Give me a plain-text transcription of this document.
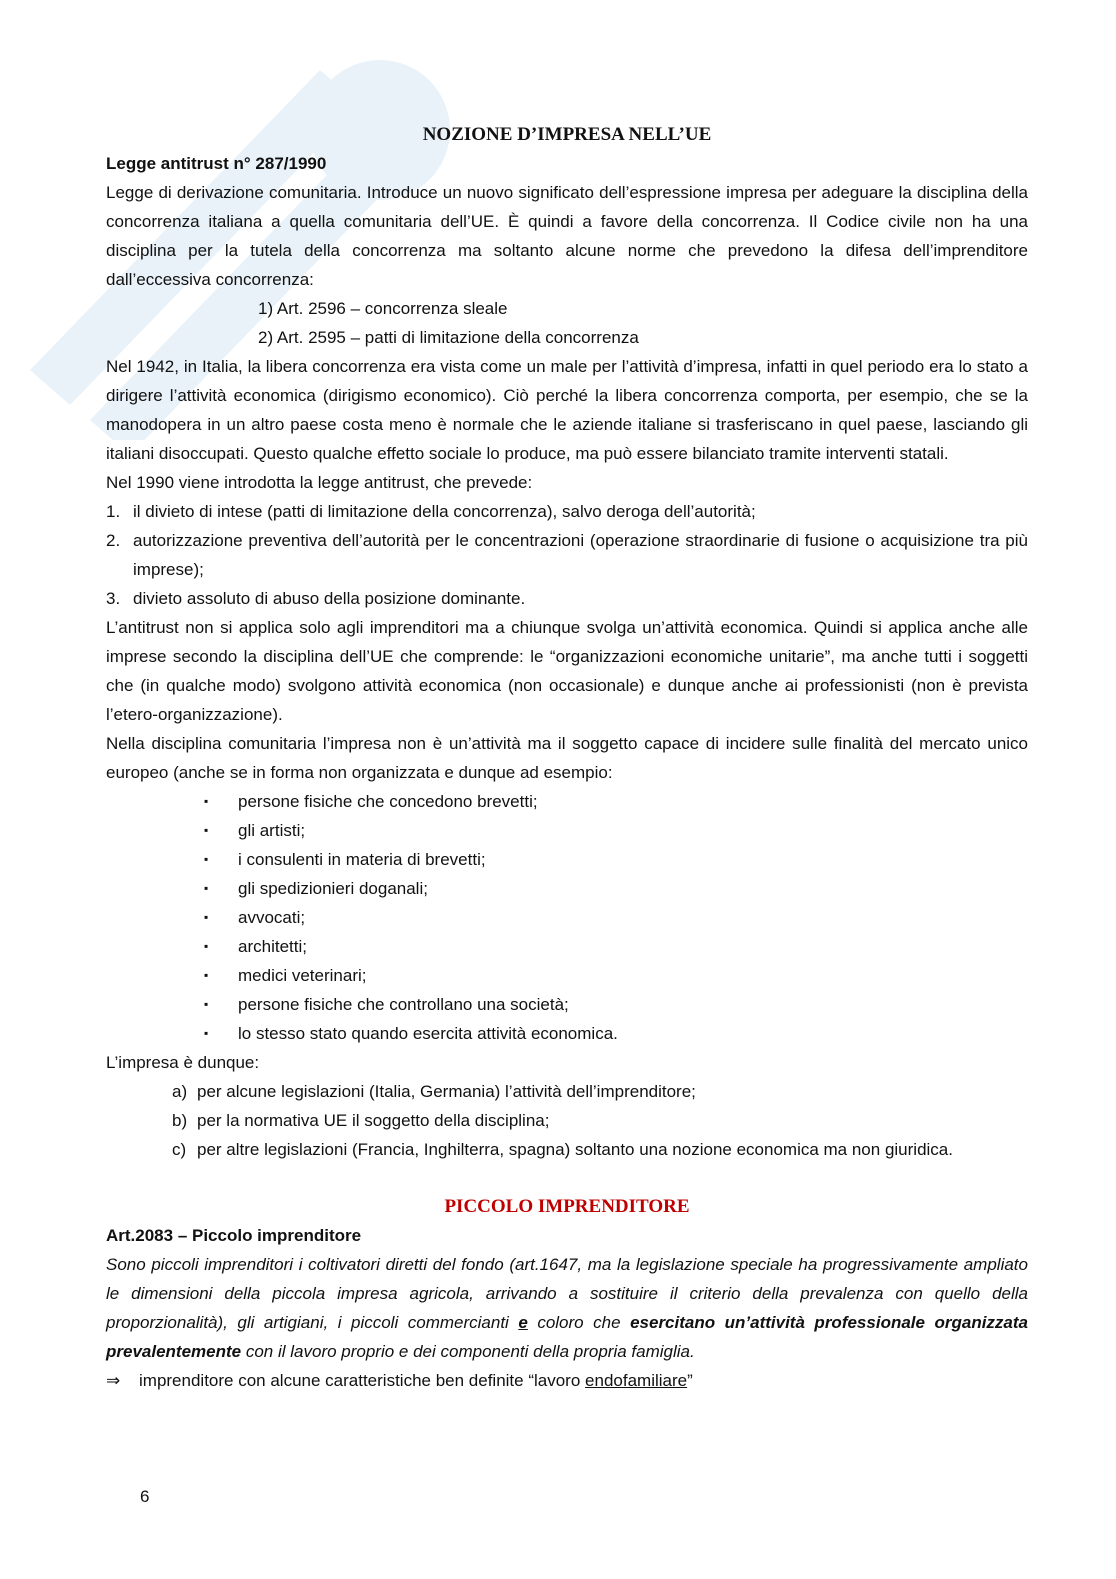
NOZIONE D’IMPRESA NELL’UE

Legge antitrust n° 287/1990

Legge di derivazione comunitaria. Introduce un nuovo significato dell’espressione impresa per adeguare la disciplina della concorrenza italiana a quella comunitaria dell’UE. È quindi a favore della concorrenza. Il Codice civile non ha una disciplina per la tutela della concorrenza ma soltanto alcune norme che prevedono la difesa dell’imprenditore dall’eccessiva concorrenza:

1) Art. 2596 – concorrenza sleale

2) Art. 2595 – patti di limitazione della concorrenza

Nel 1942, in Italia, la libera concorrenza era vista come un male per l’attività d’impresa, infatti in quel periodo era lo stato a dirigere l’attività economica (dirigismo economico). Ciò perché la libera concorrenza comporta, per esempio, che se la manodopera in un altro paese costa meno è normale che le aziende italiane si trasferiscano in quel paese, lasciando gli italiani disoccupati. Questo qualche effetto sociale lo produce, ma può essere bilanciato tramite interventi statali.

Nel 1990 viene introdotta la legge antitrust, che prevede:

1. il divieto di intese (patti di limitazione della concorrenza), salvo deroga dell’autorità;
2. autorizzazione preventiva dell’autorità per le concentrazioni (operazione straordinarie di fusione o acquisizione tra più imprese);
3. divieto assoluto di abuso della posizione dominante.

L’antitrust non si applica solo agli imprenditori ma a chiunque svolga un’attività economica. Quindi si applica anche alle imprese secondo la disciplina dell’UE che comprende: le “organizzazioni economiche unitarie”, ma anche tutti i soggetti che (in qualche modo) svolgono attività economica (non occasionale) e dunque anche ai professionisti (non è prevista l’etero-organizzazione).

Nella disciplina comunitaria l’impresa non è un’attività ma il soggetto capace di incidere sulle finalità del mercato unico europeo (anche se in forma non organizzata e dunque ad esempio:

▪	persone fisiche che concedono brevetti;
▪	gli artisti;
▪	i consulenti in materia di brevetti;
▪	gli spedizionieri doganali;
▪	avvocati;
▪	architetti;
▪	medici veterinari;
▪	persone fisiche che controllano una società;
▪	lo stesso stato quando esercita attività economica.

L’impresa è dunque:

a) per alcune legislazioni (Italia, Germania) l’attività dell’imprenditore;
b) per la normativa UE il soggetto della disciplina;
c) per altre legislazioni (Francia, Inghilterra, spagna) soltanto una nozione economica ma non giuridica.
PICCOLO IMPRENDITORE

Art.2083 – Piccolo imprenditore

Sono piccoli imprenditori i coltivatori diretti del fondo (art.1647, ma la legislazione speciale ha progressivamente ampliato le dimensioni della piccola impresa agricola, arrivando a sostituire il criterio della prevalenza con quello della proporzionalità), gli artigiani, i piccoli commercianti e coloro che esercitano un’attività professionale organizzata prevalentemente con il lavoro proprio e dei componenti della propria famiglia.

⇒	imprenditore con alcune caratteristiche ben definite “lavoro endofamiliare”

6
